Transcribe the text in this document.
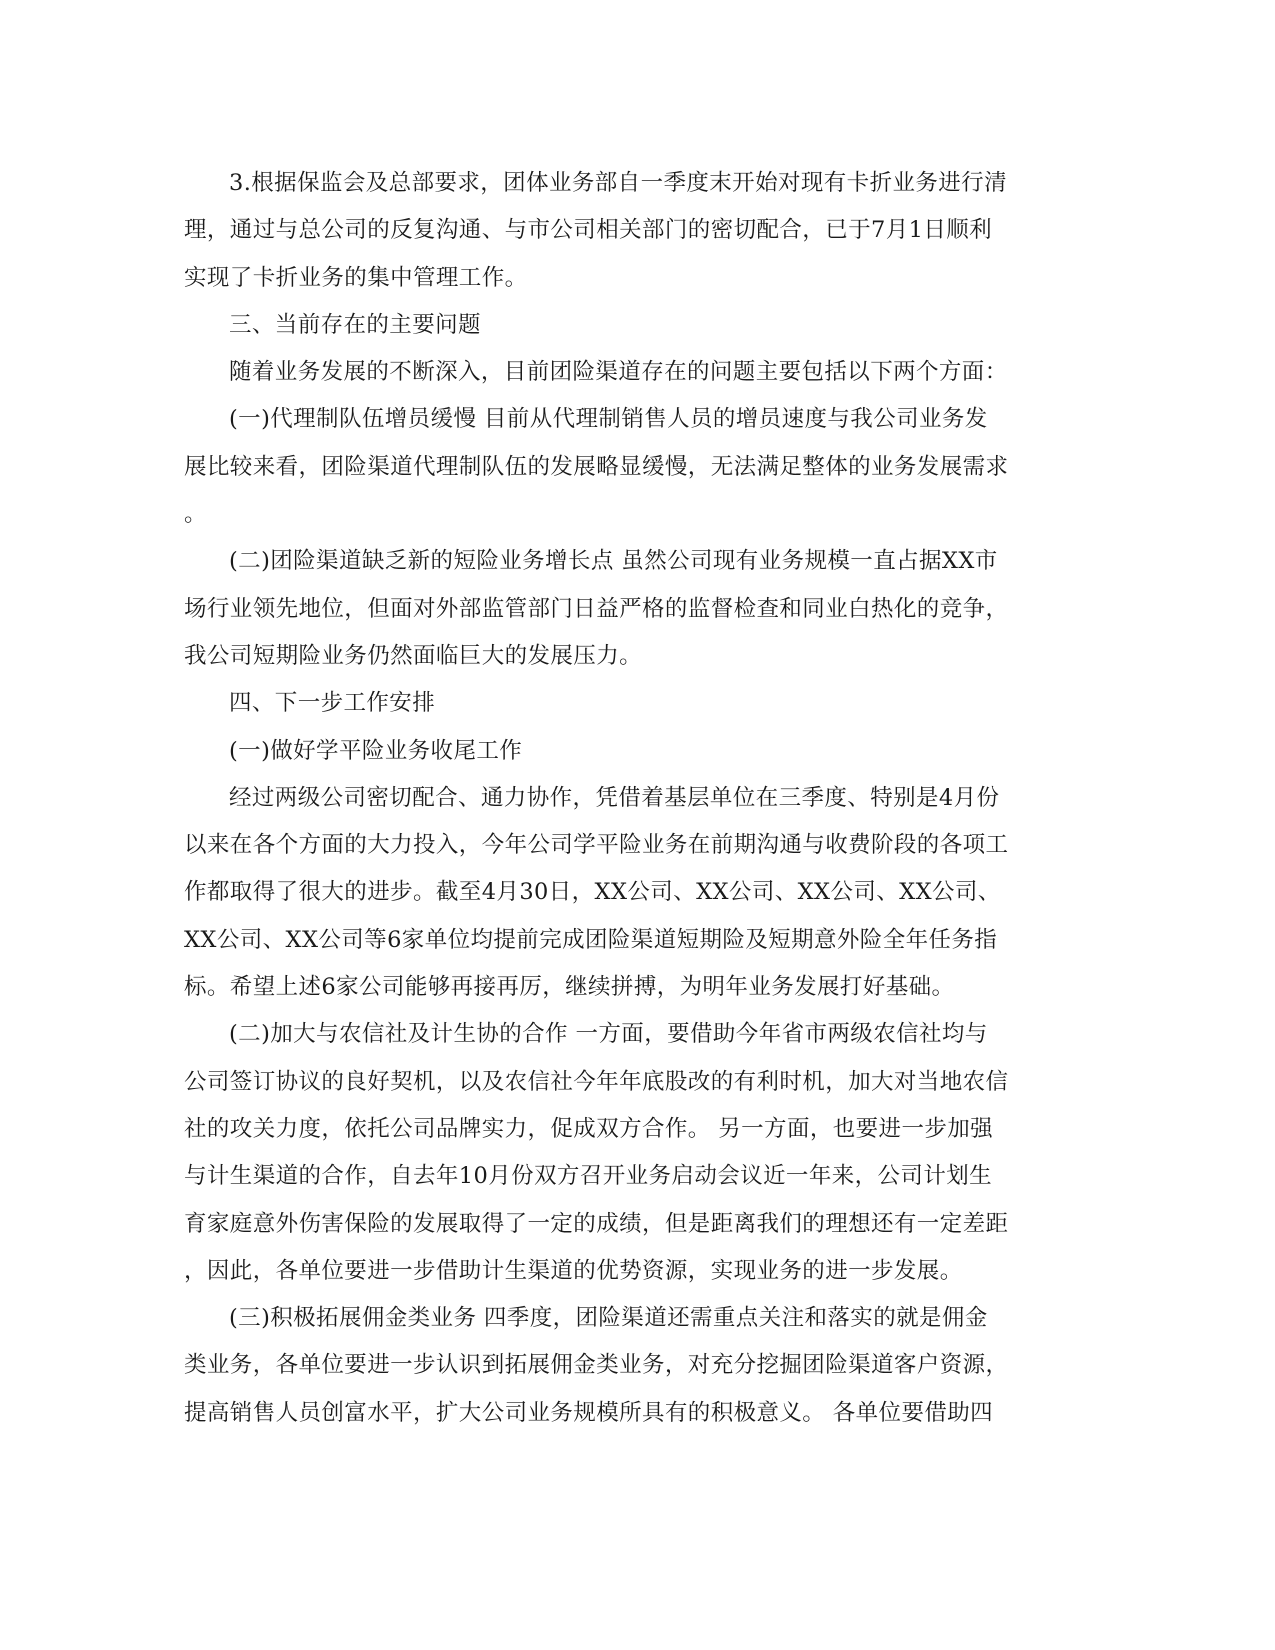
3.根据保监会及总部要求，团体业务部自一季度末开始对现有卡折业务进行清
理，通过与总公司的反复沟通、与市公司相关部门的密切配合，已于7月1日顺利
实现了卡折业务的集中管理工作。
三、当前存在的主要问题
随着业务发展的不断深入，目前团险渠道存在的问题主要包括以下两个方面：
(一)代理制队伍增员缓慢 目前从代理制销售人员的增员速度与我公司业务发
展比较来看，团险渠道代理制队伍的发展略显缓慢，无法满足整体的业务发展需求
。
(二)团险渠道缺乏新的短险业务增长点 虽然公司现有业务规模一直占据XX市
场行业领先地位，但面对外部监管部门日益严格的监督检查和同业白热化的竞争，
我公司短期险业务仍然面临巨大的发展压力。
四、下一步工作安排
(一)做好学平险业务收尾工作
经过两级公司密切配合、通力协作，凭借着基层单位在三季度、特别是4月份
以来在各个方面的大力投入，今年公司学平险业务在前期沟通与收费阶段的各项工
作都取得了很大的进步。截至4月30日，XX公司、XX公司、XX公司、XX公司、
XX公司、XX公司等6家单位均提前完成团险渠道短期险及短期意外险全年任务指
标。希望上述6家公司能够再接再厉，继续拼搏，为明年业务发展打好基础。
(二)加大与农信社及计生协的合作 一方面，要借助今年省市两级农信社均与
公司签订协议的良好契机，以及农信社今年年底股改的有利时机，加大对当地农信
社的攻关力度，依托公司品牌实力，促成双方合作。 另一方面，也要进一步加强
与计生渠道的合作，自去年10月份双方召开业务启动会议近一年来，公司计划生
育家庭意外伤害保险的发展取得了一定的成绩，但是距离我们的理想还有一定差距
，因此，各单位要进一步借助计生渠道的优势资源，实现业务的进一步发展。
(三)积极拓展佣金类业务 四季度，团险渠道还需重点关注和落实的就是佣金
类业务，各单位要进一步认识到拓展佣金类业务，对充分挖掘团险渠道客户资源，
提高销售人员创富水平，扩大公司业务规模所具有的积极意义。 各单位要借助四
